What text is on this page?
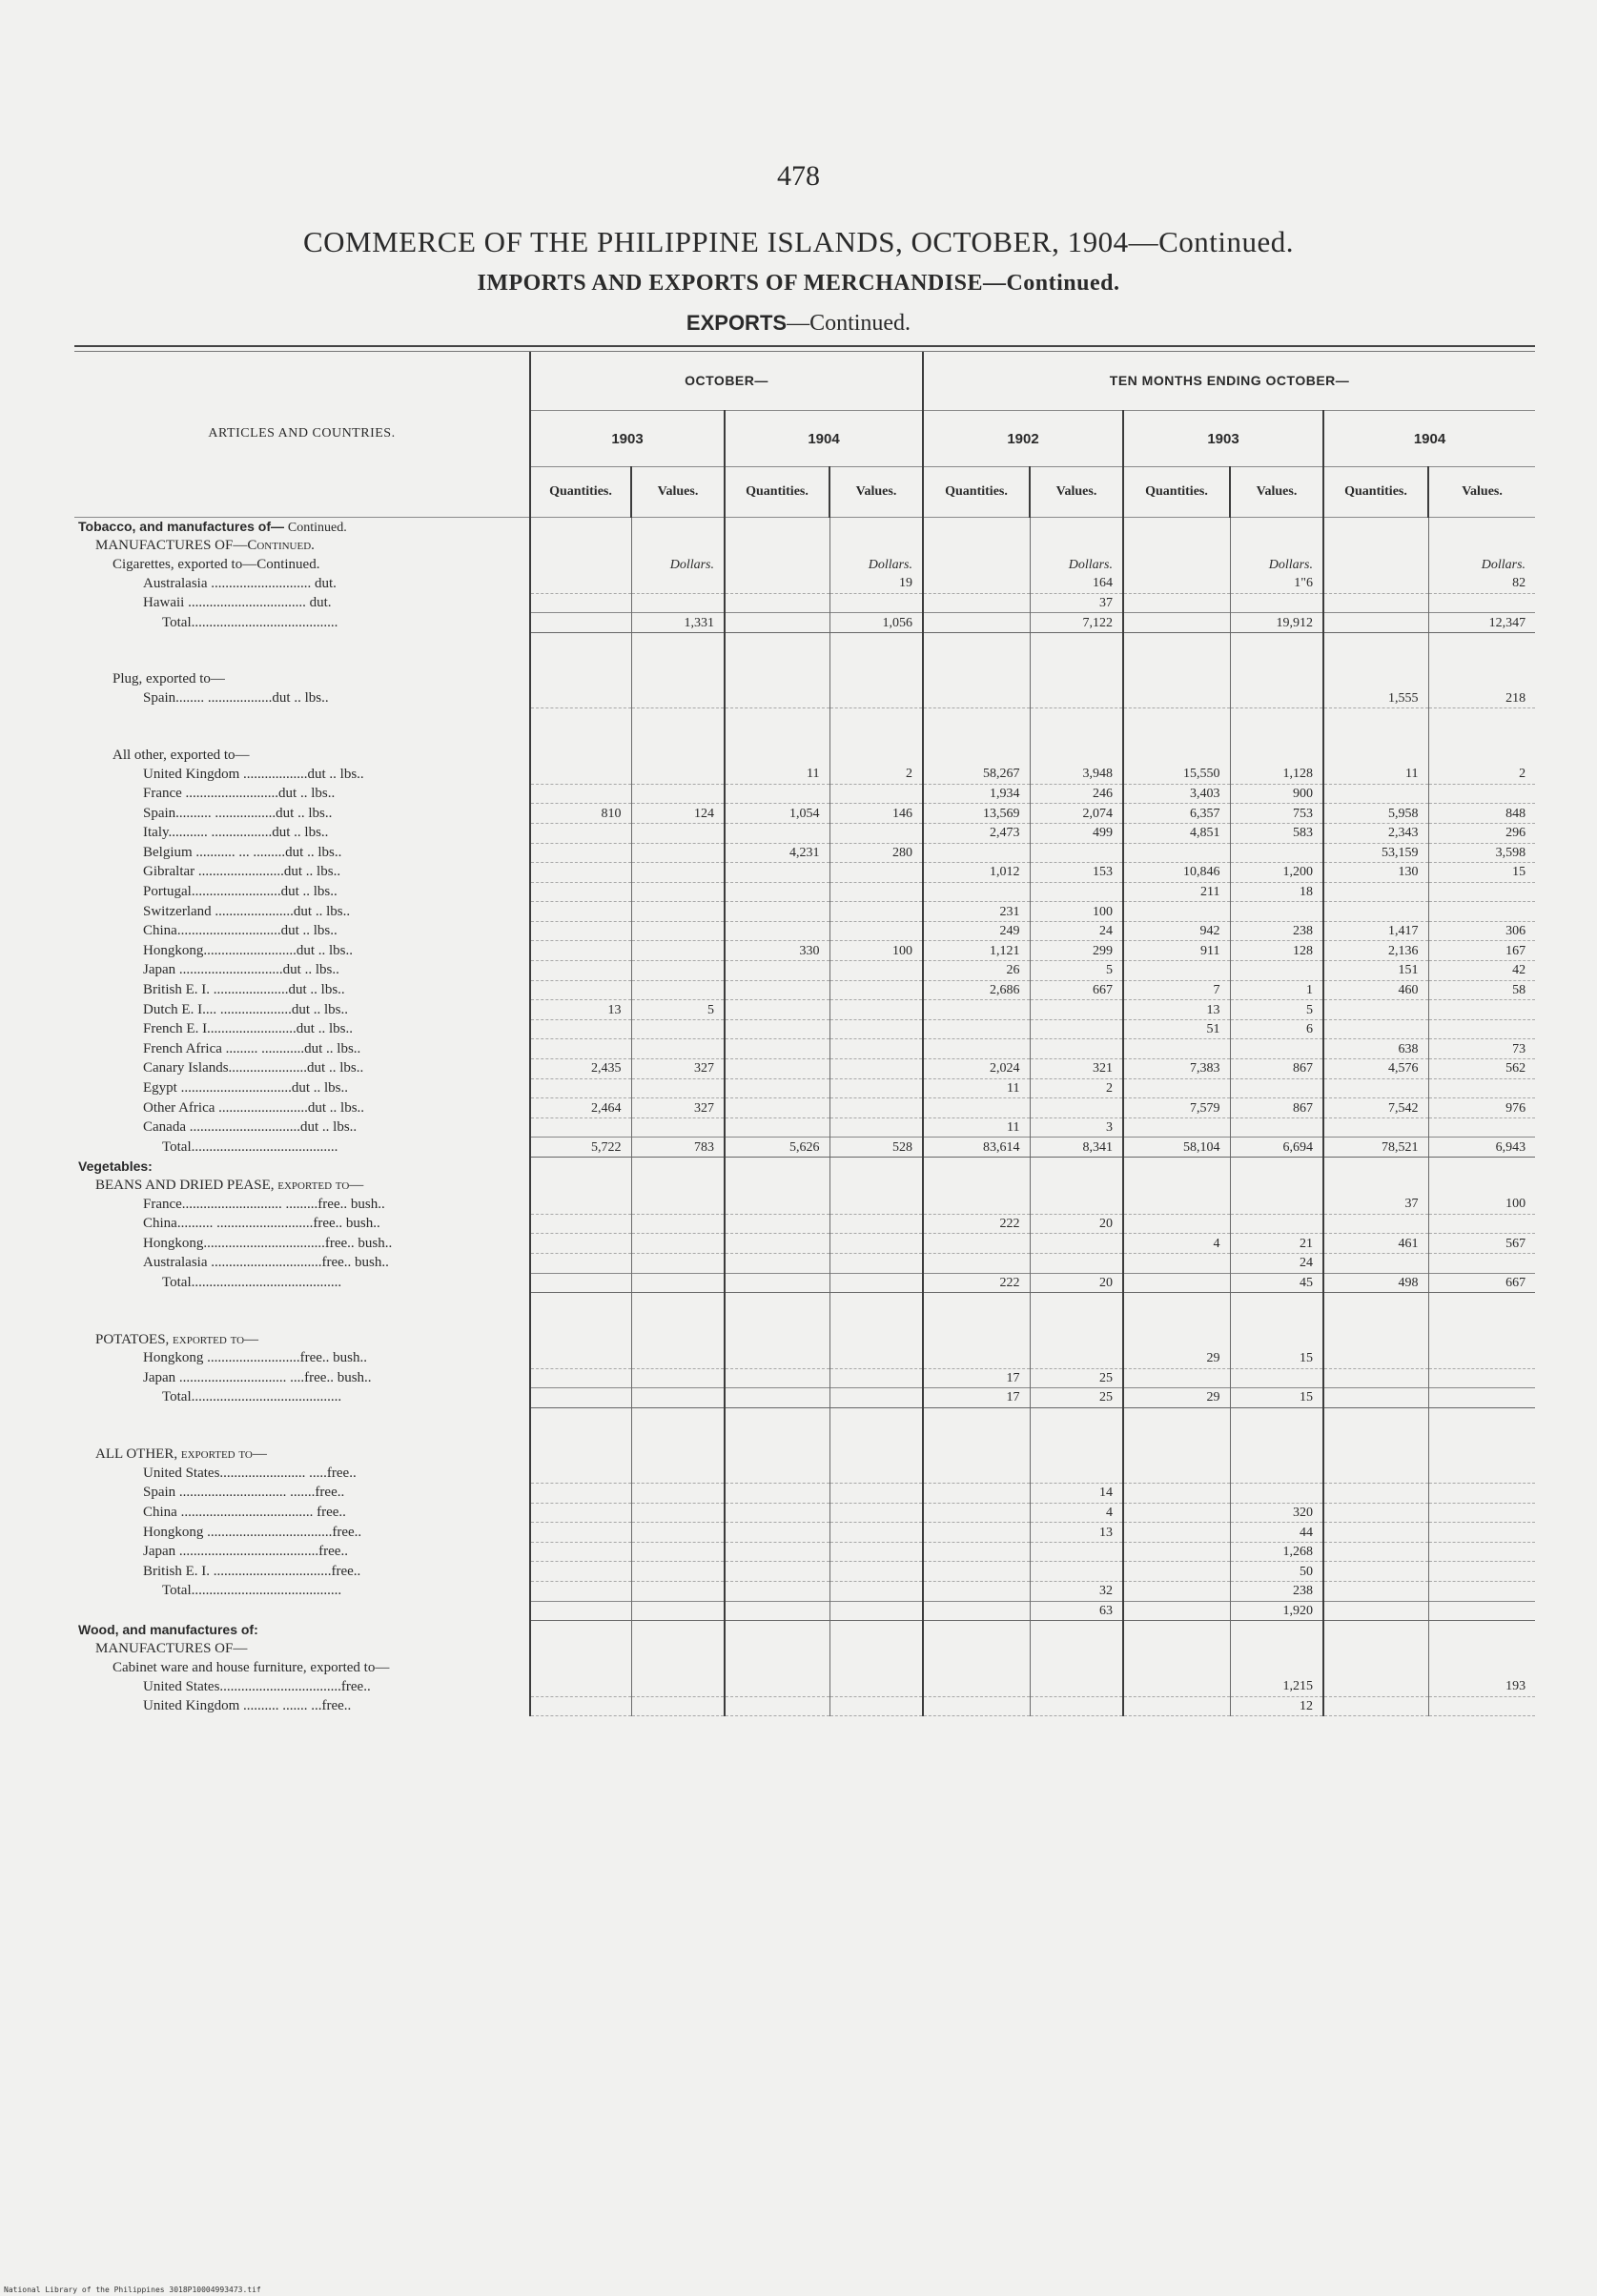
478
COMMERCE OF THE PHILIPPINE ISLANDS, OCTOBER, 1904—Continued.
IMPORTS AND EXPORTS OF MERCHANDISE—Continued.
EXPORTS—Continued.
ARTICLES AND COUNTRIES.	OCTOBER—				TEN MONTHS ENDING OCTOBER—					
	1903		1904		1902		1903		1904	
	Quantities.	Values.	Quantities.	Values.	Quantities.	Values.	Quantities.	Values.	Quantities.	Values.
Tobacco, and manufactures of— Continued.										
MANUFACTURES OF—Continued.										
Cigarettes, exported to—Continued.		Dollars.		Dollars.		Dollars.		Dollars.		Dollars.
Australasia ............................ dut.				19		164		1"6		82
Hawaii ................................. dut.						37				
Total.........................................		1,331		1,056		7,122		19,912		12,347

Plug, exported to—										
Spain........ ..................dut .. lbs..									1,555	218

All other, exported to—										
United Kingdom ..................dut .. lbs..			11	2	58,267	3,948	15,550	1,128	11	2
France ..........................dut .. lbs..					1,934	246	3,403	900		
Spain.......... .................dut .. lbs..	810	124	1,054	146	13,569	2,074	6,357	753	5,958	848
Italy........... .................dut .. lbs..					2,473	499	4,851	583	2,343	296
Belgium ........... ... .........dut .. lbs..			4,231	280					53,159	3,598
Gibraltar ........................dut .. lbs..					1,012	153	10,846	1,200	130	15
Portugal.........................dut .. lbs..							211	18		
Switzerland ......................dut .. lbs..					231	100				
China.............................dut .. lbs..					249	24	942	238	1,417	306
Hongkong..........................dut .. lbs..			330	100	1,121	299	911	128	2,136	167
Japan .............................dut .. lbs..					26	5			151	42
British E. I. .....................dut .. lbs..					2,686	667	7	1	460	58
Dutch E. I.... ....................dut .. lbs..	13	5					13	5		
French E. I.........................dut .. lbs..							51	6		
French Africa ......... ............dut .. lbs..									638	73
Canary Islands......................dut .. lbs..	2,435	327			2,024	321	7,383	867	4,576	562
Egypt ...............................dut .. lbs..					11	2				
Other Africa .........................dut .. lbs..	2,464	327					7,579	867	7,542	976
Canada ...............................dut .. lbs..					11	3				
Total.........................................	5,722	783	5,626	528	83,614	8,341	58,104	6,694	78,521	6,943
Vegetables:										
BEANS AND DRIED PEASE, exported to—										
France............................ .........free.. bush..									37	100
China.......... ...........................free.. bush..					222	20				
Hongkong..................................free.. bush..							4	21	461	567
Australasia ...............................free.. bush..								24		
Total..........................................					222	20		45	498	667

POTATOES, exported to—										
Hongkong ..........................free.. bush..							29	15		
Japan .............................. ....free.. bush..					17	25				
Total..........................................					17	25	29	15		

ALL OTHER, exported to—										
United States........................ .....free..										
Spain .............................. .......free..						14				
China ..................................... free..						4		320		
Hongkong ...................................free..						13		44		
Japan .......................................free..								1,268		
British E. I. .................................free..								50		
Total..........................................						32		238		
						63		1,920		
Wood, and manufactures of:										
MANUFACTURES OF—										
Cabinet ware and house furniture, exported to—										
United States..................................free..								1,215		193
United Kingdom .......... ....... ...free..								12		
National Library of the Philippines 3018P10004993473.tif
